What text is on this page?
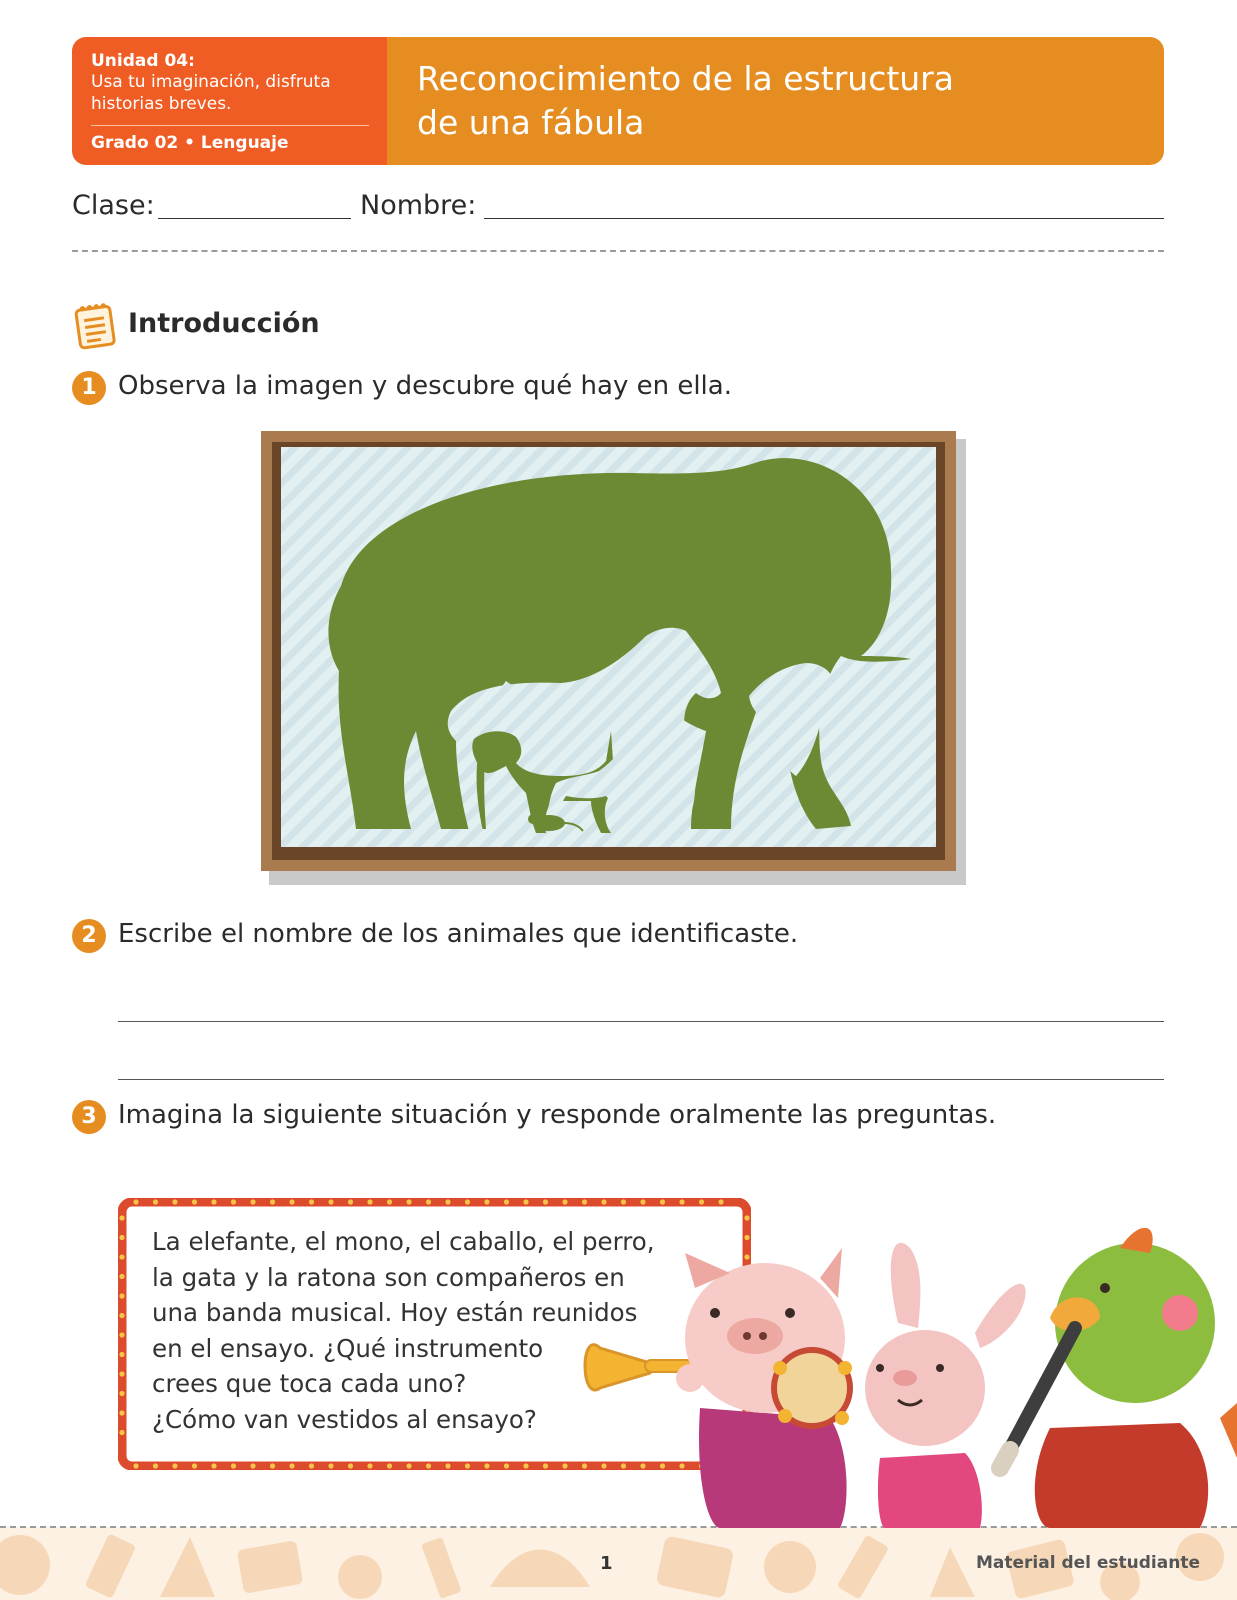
Unidad 04:
Usa tu imaginación, disfruta
historias breves.
Grado 02 • Lenguaje
Reconocimiento de la estructura
de una fábula
Clase:	Nombre:
Introducción
1 Observa la imagen y descubre qué hay en ella.
2 Escribe el nombre de los animales que identificaste.
3 Imagina la siguiente situación y responde oralmente las preguntas.
La elefante, el mono, el caballo, el perro,
la gata y la ratona son compañeros en
una banda musical. Hoy están reunidos
en el ensayo. ¿Qué instrumento
crees que toca cada uno?
¿Cómo van vestidos al ensayo?
1	Material del estudiante
